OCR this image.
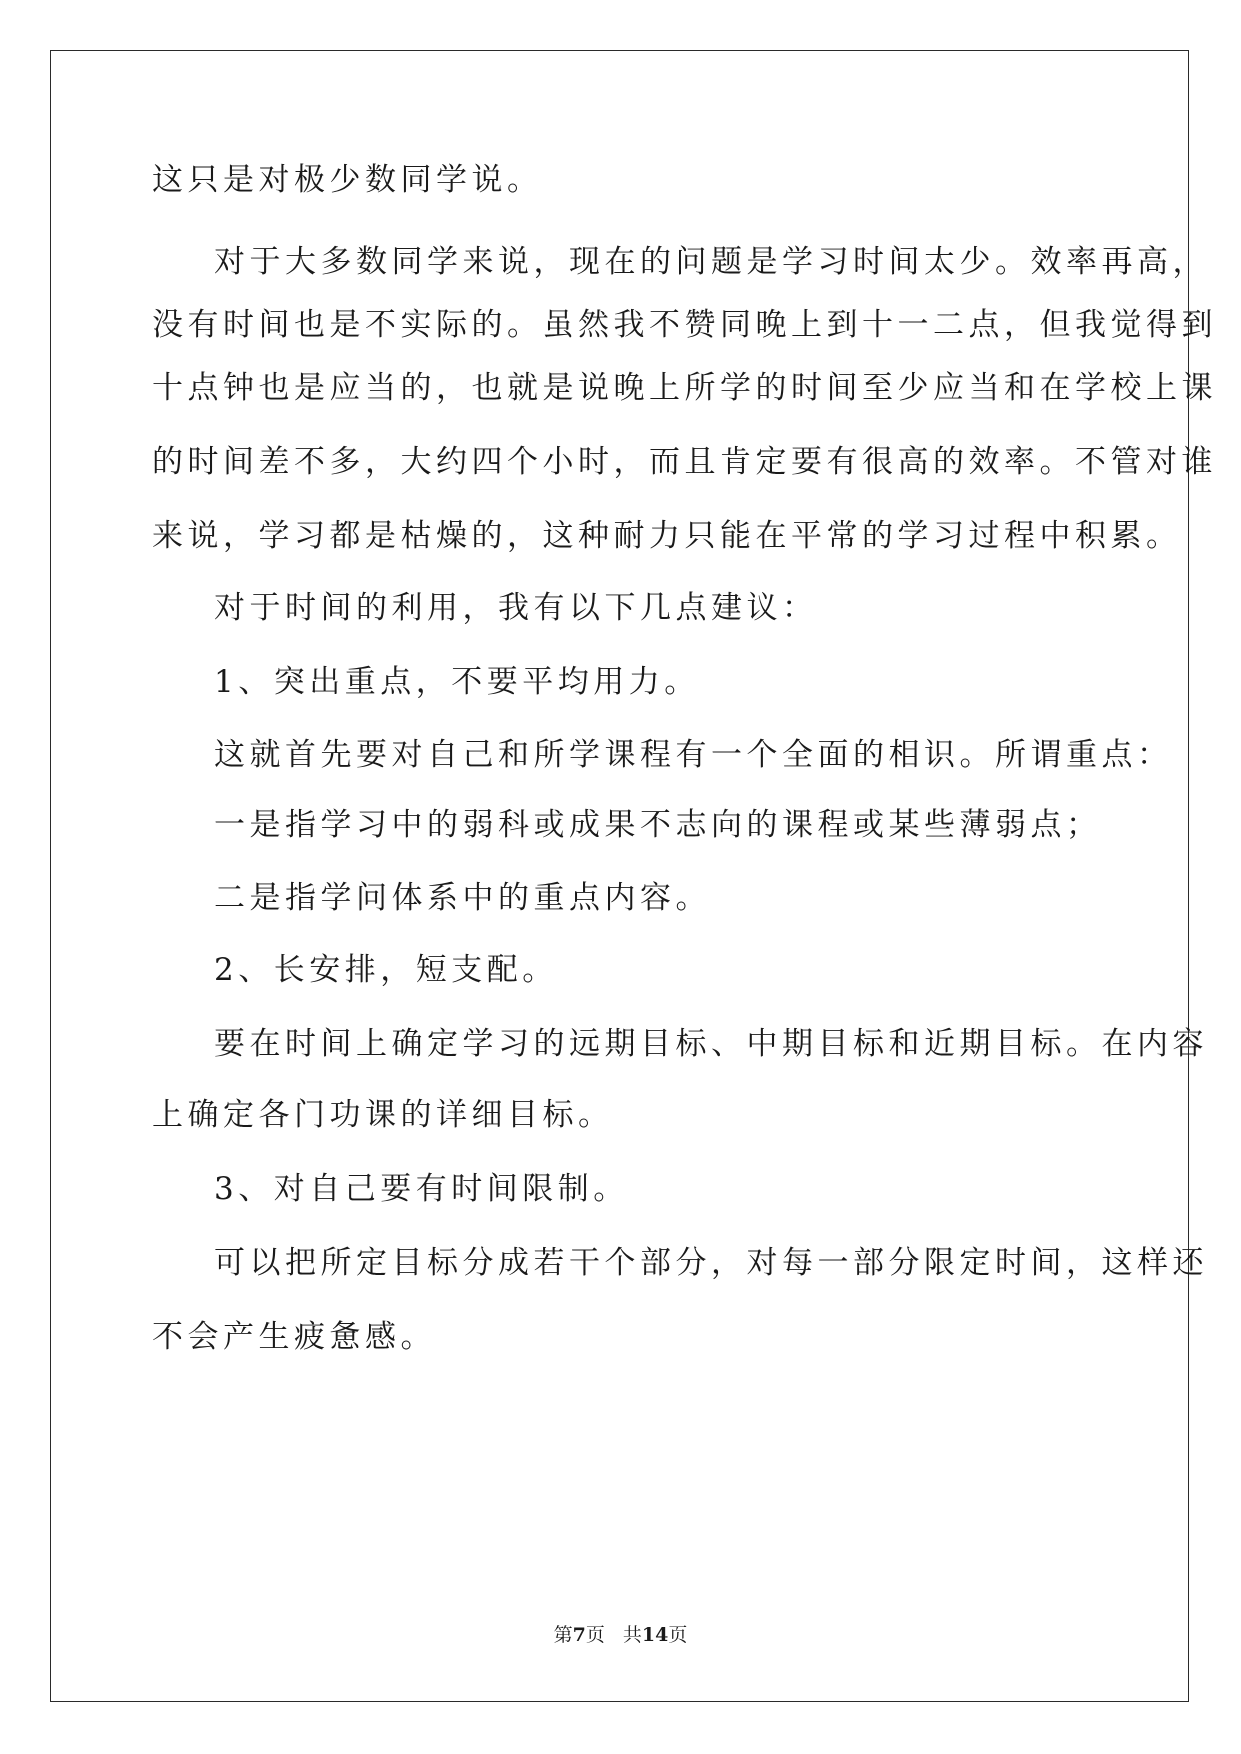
这只是对极少数同学说。
对于大多数同学来说，现在的问题是学习时间太少。效率再高，
没有时间也是不实际的。虽然我不赞同晚上到十一二点，但我觉得到
十点钟也是应当的，也就是说晚上所学的时间至少应当和在学校上课
的时间差不多，大约四个小时，而且肯定要有很高的效率。不管对谁
来说，学习都是枯燥的，这种耐力只能在平常的学习过程中积累。
对于时间的利用，我有以下几点建议：
1、突出重点，不要平均用力。
这就首先要对自己和所学课程有一个全面的相识。所谓重点：
一是指学习中的弱科或成果不志向的课程或某些薄弱点；
二是指学问体系中的重点内容。
2、长安排，短支配。
要在时间上确定学习的远期目标、中期目标和近期目标。在内容
上确定各门功课的详细目标。
3、对自己要有时间限制。
可以把所定目标分成若干个部分，对每一部分限定时间，这样还
不会产生疲惫感。
第7页 共14页
